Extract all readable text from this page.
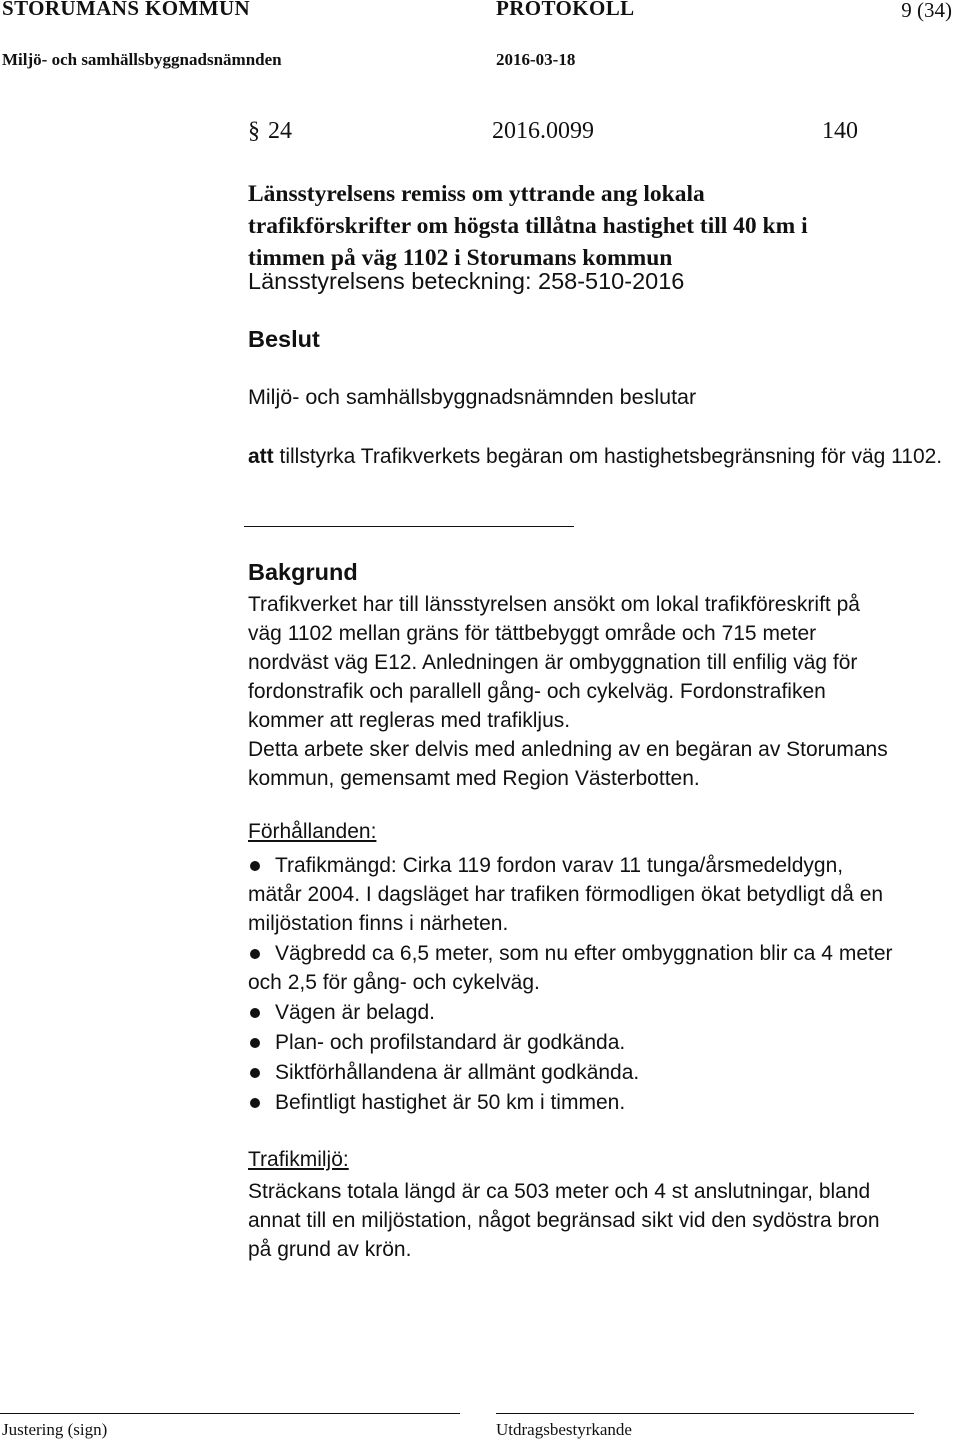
STORUMANS KOMMUN	PROTOKOLL	9 (34)
Miljö- och samhällsbyggnadsnämnden	2016-03-18
§ 24	2016.0099	140
Länsstyrelsens remiss om yttrande ang lokala
trafikförskrifter om högsta tillåtna hastighet till 40 km i
timmen på väg 1102 i Storumans kommun
Länsstyrelsens beteckning: 258-510-2016
Beslut
Miljö- och samhällsbyggnadsnämnden beslutar
att tillstyrka Trafikverkets begäran om hastighetsbegränsning för väg 1102.
Bakgrund
Trafikverket har till länsstyrelsen ansökt om lokal trafikföreskrift på
väg 1102 mellan gräns för tättbebyggt område och 715 meter
nordväst väg E12. Anledningen är ombyggnation till enfilig väg för
fordonstrafik och parallell gång- och cykelväg. Fordonstrafiken
kommer att regleras med trafikljus.
Detta arbete sker delvis med anledning av en begäran av Storumans
kommun, gemensamt med Region Västerbotten.
Förhållanden:
Trafikmängd: Cirka 119 fordon varav 11 tunga/årsmedeldygn,
mätår 2004. I dagsläget har trafiken förmodligen ökat betydligt då en
miljöstation finns i närheten.
Vägbredd ca 6,5 meter, som nu efter ombyggnation blir ca 4 meter
och 2,5 för gång- och cykelväg.
Vägen är belagd.
Plan- och profilstandard är godkända.
Siktförhållandena är allmänt godkända.
Befintligt hastighet är 50 km i timmen.
Trafikmiljö:
Sträckans totala längd är ca 503 meter och 4 st anslutningar, bland
annat till en miljöstation, något begränsad sikt vid den sydöstra bron
på grund av krön.
Justering (sign)	Utdragsbestyrkande
